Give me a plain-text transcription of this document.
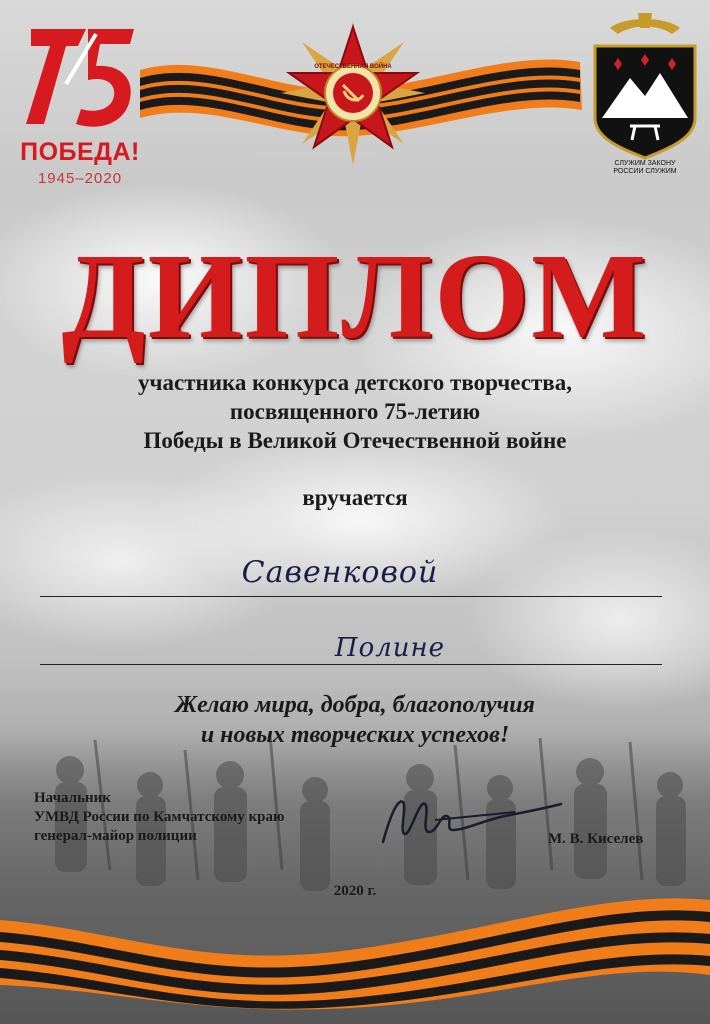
ПОБЕДА!
1945–2020
ОТЕЧЕСТВЕННАЯ ВОЙНА
СЛУЖИМ ЗАКОНУ
РОССИИ СЛУЖИМ
ДИПЛОМ
участника конкурса детского творчества,
посвященного 75-летию
Победы в Великой Отечественной войне
вручается
Савенковой
Полине
Желаю мира, добра, благополучия
и новых творческих успехов!
Начальник
УМВД России по Камчатскому краю
генерал-майор полиции	М. В. Киселев
2020 г.
